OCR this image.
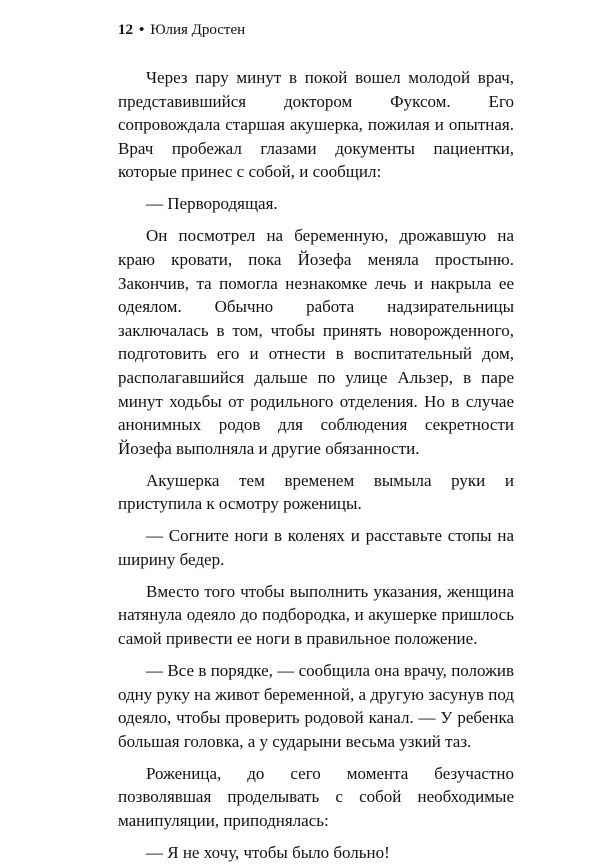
12 • Юлия Дростен

Через пару минут в покой вошел молодой врач, представившийся доктором Фуксом. Его сопровождала старшая акушерка, пожилая и опытная. Врач пробежал глазами документы пациентки, которые принес с собой, и сообщил:

— Первородящая.

Он посмотрел на беременную, дрожавшую на краю кровати, пока Йозефа меняла простыню. Закончив, та помогла незнакомке лечь и накрыла ее одеялом. Обычно работа надзирательницы заключалась в том, чтобы принять новорожденного, подготовить его и отнести в воспитательный дом, располагавшийся дальше по улице Альзер, в паре минут ходьбы от родильного отделения. Но в случае анонимных родов для соблюдения секретности Йозефа выполняла и другие обязанности.

Акушерка тем временем вымыла руки и приступила к осмотру роженицы.

— Согните ноги в коленях и расставьте стопы на ширину бедер.

Вместо того чтобы выполнить указания, женщина натянула одеяло до подбородка, и акушерке пришлось самой привести ее ноги в правильное положение.

— Все в порядке, — сообщила она врачу, положив одну руку на живот беременной, а другую засунув под одеяло, чтобы проверить родовой канал. — У ребенка большая головка, а у сударыни весьма узкий таз.

Роженица, до сего момента безучастно позволявшая проделывать с собой необходимые манипуляции, приподнялась:

— Я не хочу, чтобы было больно!
